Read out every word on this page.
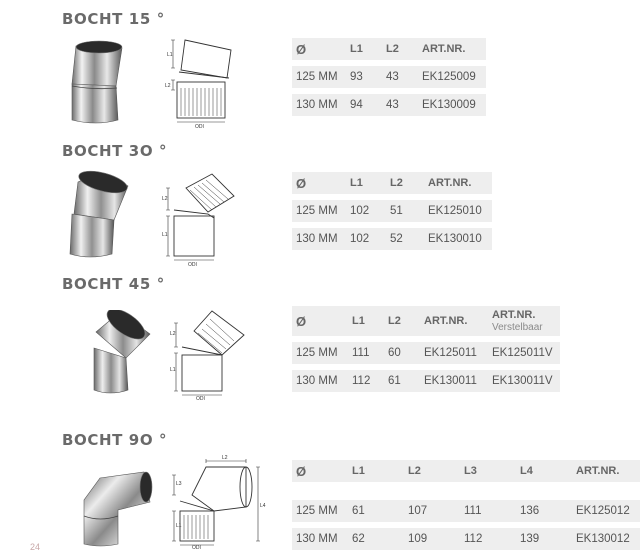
BOCHT 15 °
L1
L2
ODI
Ø	L1	L2	ART.NR.
125 MM	93	43	EK125009
130 MM	94	43	EK130009
BOCHT 3O °
L2
L1
ODI
Ø	L1	L2	ART.NR.
125 MM	102	51	EK125010
130 MM	102	52	EK130010
BOCHT 45 °
L2
L1
ODI
Ø	L1	L2	ART.NR.	ART.NR.
Verstelbaar

125 MM	111	60	EK125011	EK125011V
130 MM	112	61	EK130011	EK130011V
BOCHT 9O °
L2
L4
L3
L1
ODI
Ø	L1	L2	L3	L4	ART.NR.

125 MM	61	107	111	136	EK125012
130 MM	62	109	112	139	EK130012
24
